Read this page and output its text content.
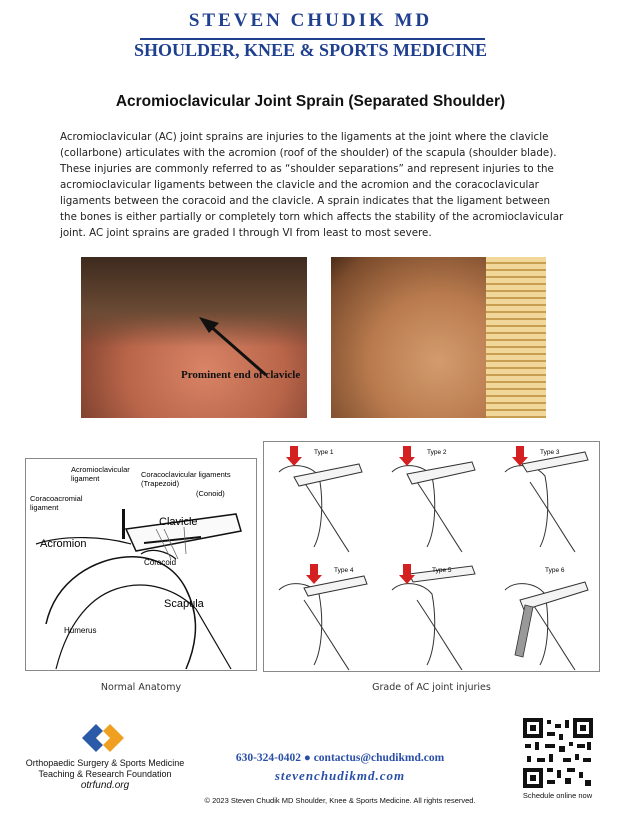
STEVEN CHUDIK MD
SHOULDER, KNEE & SPORTS MEDICINE
Acromioclavicular Joint Sprain (Separated Shoulder)

Acromioclavicular (AC) joint sprains are injuries to the ligaments at the joint where the clavicle (collarbone) articulates with the acromion (roof of the shoulder) of the scapula (shoulder blade). These injuries are commonly referred to as “shoulder separations” and represent injuries to the acromioclavicular ligaments between the clavicle and the acromion and the coracoclavicular ligaments between the coracoid and the clavicle. A sprain indicates that the ligament between the bones is either partially or completely torn which affects the stability of the acromioclavicular joint. AC joint sprains are graded I through VI from least to most severe.

Prominent end of clavicle
Acromioclavicular
ligament	Coracoclavicular ligaments
(Trapezoid)
(Conoid)
Coracoacromial
ligament
Clavicle
Acromion
Coracoid
Scapula
Humerus
Normal Anatomy
Type 1	Type 2	Type 3
Type 4	Type 5	Type 6
Grade of AC joint injuries
Orthopaedic Surgery & Sports Medicine
Teaching & Research Foundation
otrfund.org
630-324-0402 ● contactus@chudikmd.com
stevenchudikmd.com
© 2023 Steven Chudik MD Shoulder, Knee & Sports Medicine. All rights reserved.
Schedule online now
